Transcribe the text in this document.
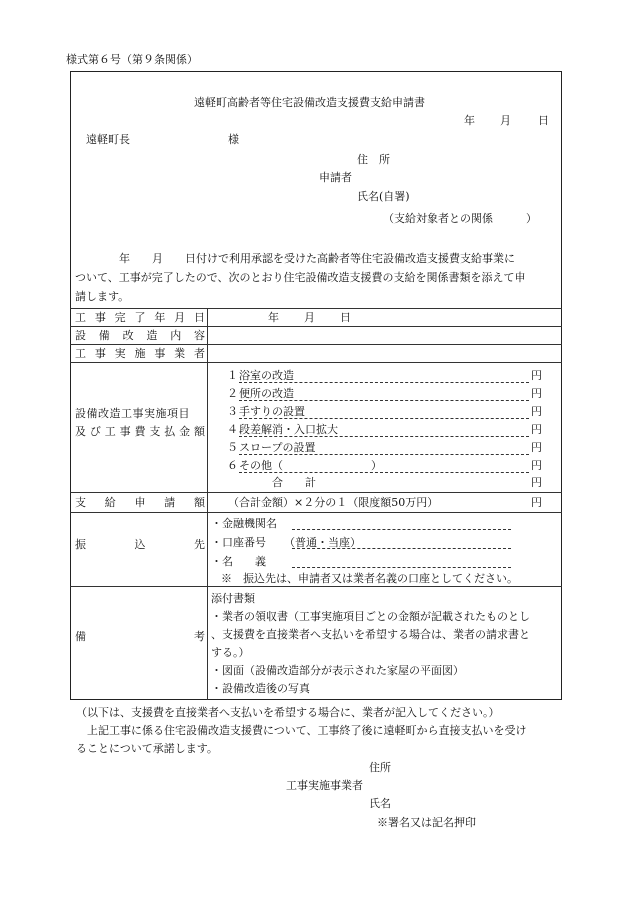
様式第６号（第９条関係）
遠軽町高齢者等住宅設備改造支援費支給申請書
年 月 日
遠軽町長	様
住　所
申請者
氏名(自署)
（支給対象者との関係　　　）
　　　　年　　月　　日付けで利用承認を受けた高齢者等住宅設備改造支援費支給事業に
ついて、工事が完了したので、次のとおり住宅設備改造支援費の支給を関係書類を添えて申
請します。
工 事 完 了 年 月 日	年 月 日
設 備 改 造 内 容
工 事 実 施 事 業 者
設備改造工事実施項目
及 び 工 事 費 支 払 金 額
１ 浴室の改造	円
２ 便所の改造	円
３ 手すりの設置	円
４ 段差解消・入口拡大	円
５ スロープの設置	円
６ その他（　　　　　　　　）	円
合　　計	円
支 給 申 請 額 （合計金額）×２分の１（限度額50万円）	円
振	込	先
・金融機関名
・口座番号 （普通・当座）
・名　　義
※　振込先は、申請者又は業者名義の口座としてください。
備	考
添付書類
・業者の領収書（工事実施項目ごとの金額が記載されたものとし
、支援費を直接業者へ支払いを希望する場合は、業者の請求書と
する。）
・図面（設備改造部分が表示された家屋の平面図）
・設備改造後の写真
（以下は、支援費を直接業者へ支払いを希望する場合に、業者が記入してください。）
　上記工事に係る住宅設備改造支援費について、工事終了後に遠軽町から直接支払いを受け
ることについて承諾します。
住所
工事実施事業者
氏名
※署名又は記名押印
